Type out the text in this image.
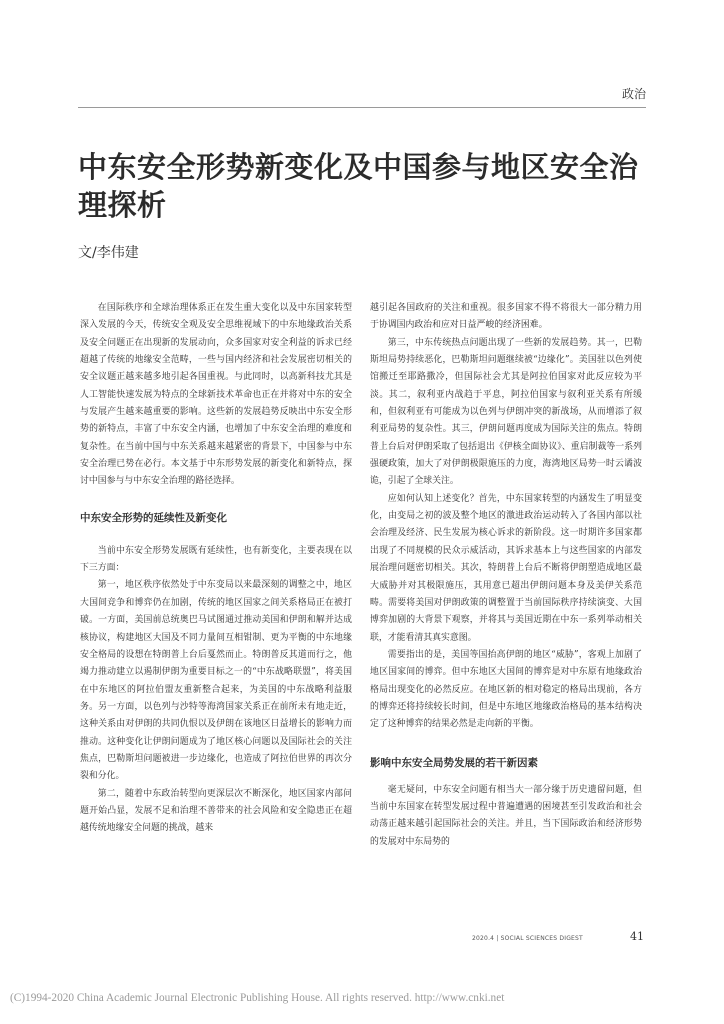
政治
中东安全形势新变化及中国参与地区安全治理探析
文/李伟建

在国际秩序和全球治理体系正在发生重大变化以及中东国家转型深入发展的今天，传统安全观及安全思维视域下的中东地缘政治关系及安全问题正在出现新的发展动向，众多国家对安全利益的诉求已经超越了传统的地缘安全范畴，一些与国内经济和社会发展密切相关的安全议题正越来越多地引起各国重视。与此同时，以高新科技尤其是人工智能快速发展为特点的全球新技术革命也正在并将对中东的安全与发展产生越来越重要的影响。这些新的发展趋势反映出中东安全形势的新特点，丰富了中东安全内涵，也增加了中东安全治理的难度和复杂性。在当前中国与中东关系越来越紧密的背景下，中国参与中东安全治理已势在必行。本文基于中东形势发展的新变化和新特点，探讨中国参与与中东安全治理的路径选择。

中东安全形势的延续性及新变化

当前中东安全形势发展既有延续性，也有新变化，主要表现在以下三方面：

第一，地区秩序依然处于中东变局以来最深刻的调整之中，地区大国间竞争和博弈仍在加剧，传统的地区国家之间关系格局正在被打破。一方面，美国前总统奥巴马试图通过推动美国和伊朗和解并达成核协议，构建地区大国及不同力量间互相钳制、更为平衡的中东地缘安全格局的设想在特朗普上台后戛然而止。特朗普反其道而行之，他竭力推动建立以遏制伊朗为重要目标之一的“中东战略联盟”，将美国在中东地区的阿拉伯盟友重新整合起来，为美国的中东战略利益服务。另一方面，以色列与沙特等海湾国家关系正在前所未有地走近，这种关系由对伊朗的共同仇恨以及伊朗在该地区日益增长的影响力而推动。这种变化让伊朗问题成为了地区核心问题以及国际社会的关注焦点，巴勒斯坦问题被进一步边缘化，也造成了阿拉伯世界的再次分裂和分化。

第二，随着中东政治转型向更深层次不断深化，地区国家内部问题开始凸显，发展不足和治理不善带来的社会风险和安全隐患正在超越传统地缘安全问题的挑战，越来

越引起各国政府的关注和重视。很多国家不得不将很大一部分精力用于协调国内政治和应对日益严峻的经济困难。

第三，中东传统热点问题出现了一些新的发展趋势。其一，巴勒斯坦局势持续恶化，巴勒斯坦问题继续被“边缘化”。美国驻以色列使馆搬迁至耶路撒冷，但国际社会尤其是阿拉伯国家对此反应较为平淡。其二，叙利亚内战趋于平息，阿拉伯国家与叙利亚关系有所缓和，但叙利亚有可能成为以色列与伊朗冲突的新战场，从而增添了叙利亚局势的复杂性。其三，伊朗问题再度成为国际关注的焦点。特朗普上台后对伊朗采取了包括退出《伊核全面协议》、重启制裁等一系列强硬政策，加大了对伊朗极限施压的力度，海湾地区局势一时云谲波诡，引起了全球关注。

应如何认知上述变化？首先，中东国家转型的内涵发生了明显变化，由变局之初的波及整个地区的激进政治运动转入了各国内部以社会治理及经济、民生发展为核心诉求的新阶段。这一时期许多国家都出现了不同规模的民众示威活动，其诉求基本上与这些国家的内部发展治理问题密切相关。其次，特朗普上台后不断将伊朗塑造成地区最大威胁并对其极限施压，其用意已超出伊朗问题本身及美伊关系范畴。需要将美国对伊朗政策的调整置于当前国际秩序持续演变、大国博弈加剧的大背景下观察，并将其与美国近期在中东一系列举动相关联，才能看清其真实意图。

需要指出的是，美国等国抬高伊朗的地区“威胁”，客观上加剧了地区国家间的博弈。但中东地区大国间的博弈是对中东原有地缘政治格局出现变化的必然反应。在地区新的相对稳定的格局出现前，各方的博弈还将持续较长时间，但是中东地区地缘政治格局的基本结构决定了这种博弈的结果必然是走向新的平衡。

影响中东安全局势发展的若干新因素

毫无疑问，中东安全问题有相当大一部分缘于历史遗留问题，但当前中东国家在转型发展过程中普遍遭遇的困境甚至引发政治和社会动荡正越来越引起国际社会的关注。并且，当下国际政治和经济形势的发展对中东局势的

2020.4 | SOCIAL SCIENCES DIGEST	41
(C)1994-2020 China Academic Journal Electronic Publishing House. All rights reserved. http://www.cnki.net
